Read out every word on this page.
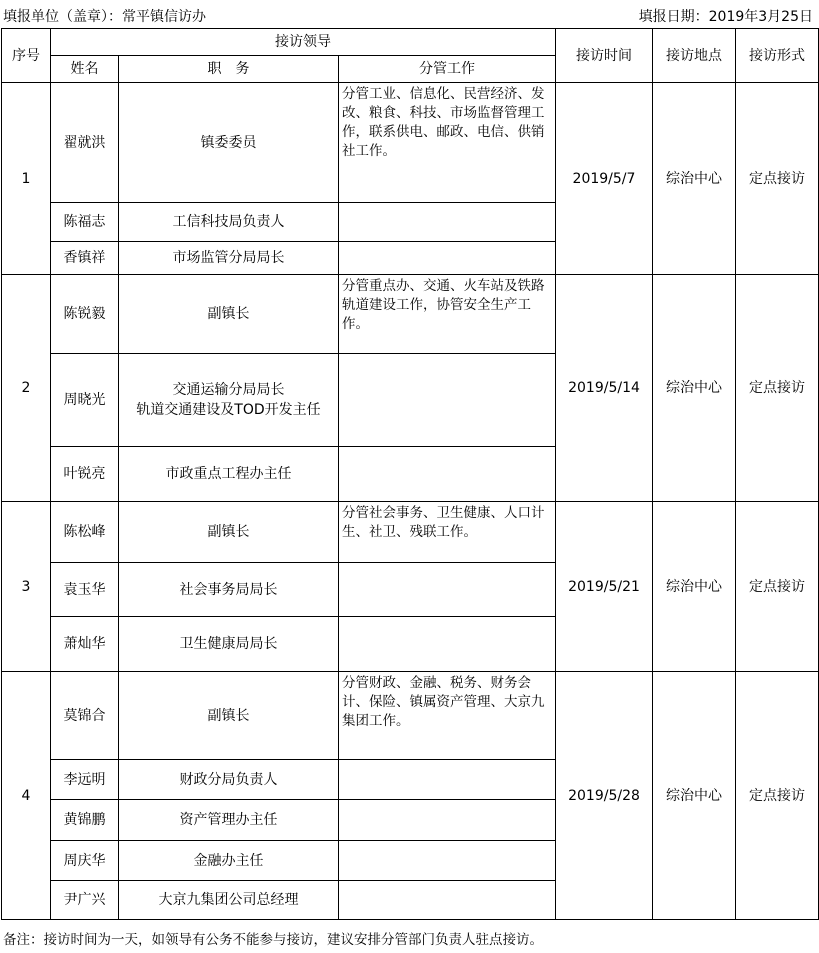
填报单位（盖章）：常平镇信访办	填报日期：2019年3月25日
序号	接访领导			接访时间	接访地点	接访形式
	姓名	职　务	分管工作			
1	翟就洪	镇委委员	分管工业、信息化、民营经济、发改、粮食、科技、市场监督管理工作，联系供电、邮政、电信、供销社工作。	2019/5/7	综治中心	定点接访
	陈福志	工信科技局负责人				
	香镇祥	市场监管分局局长				
2	陈锐毅	副镇长	分管重点办、交通、火车站及铁路轨道建设工作，协管安全生产工作。	2019/5/14	综治中心	定点接访
	周晓光	交通运输分局局长
轨道交通建设及TOD开发主任				

	叶锐亮	市政重点工程办主任				
3	陈松峰	副镇长	分管社会事务、卫生健康、人口计生、社卫、残联工作。	2019/5/21	综治中心	定点接访
	袁玉华	社会事务局局长				
	萧灿华	卫生健康局局长				
4	莫锦合	副镇长	分管财政、金融、税务、财务会计、保险、镇属资产管理、大京九集团工作。	2019/5/28	综治中心	定点接访
	李远明	财政分局负责人				
	黄锦鹏	资产管理办主任				
	周庆华	金融办主任				
	尹广兴	大京九集团公司总经理				
备注：接访时间为一天，如领导有公务不能参与接访，建议安排分管部门负责人驻点接访。
